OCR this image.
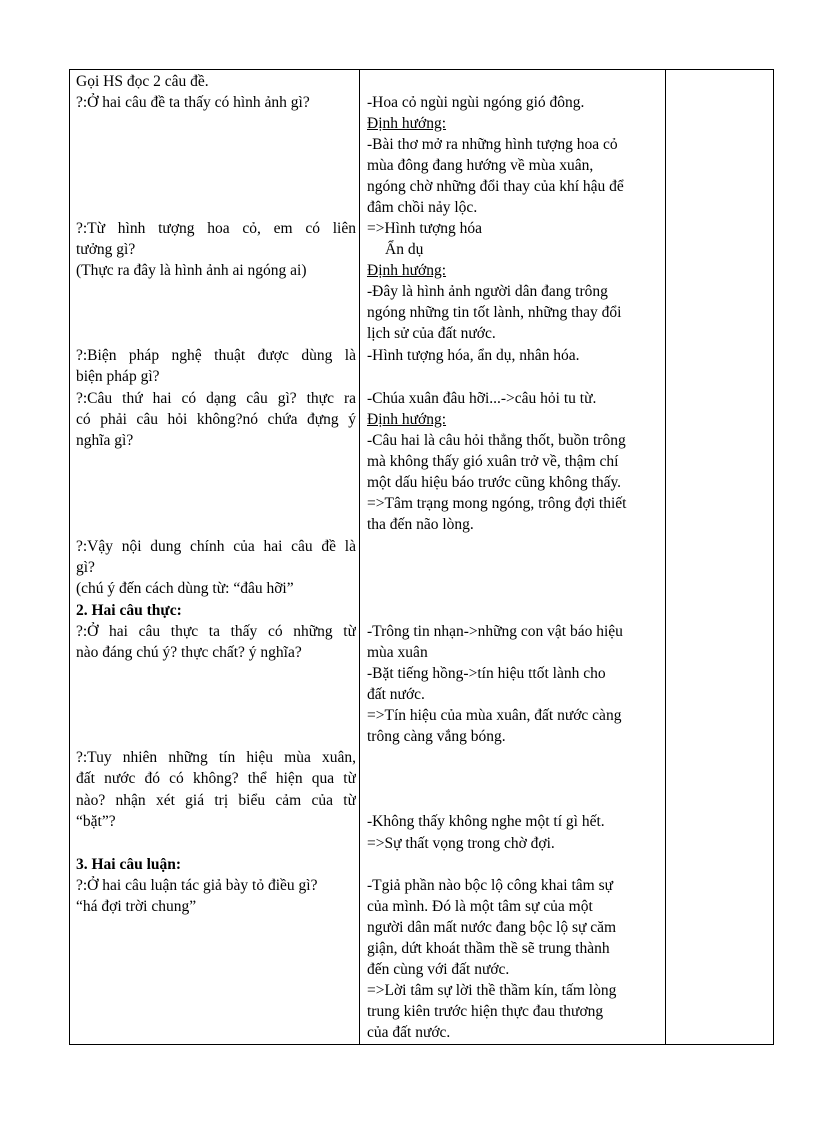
Gọi HS đọc 2 câu đề.
?:Ở hai câu đề ta thấy có hình ảnh gì?
?:Từ hình tượng hoa cỏ, em có liên
tưởng gì?
(Thực ra đây là hình ảnh ai ngóng ai)
?:Biện pháp nghệ thuật được dùng là
biện pháp gì?
?:Câu thứ hai có dạng câu gì? thực ra
có phải câu hỏi không?nó chứa đựng ý
nghĩa gì?
?:Vậy nội dung chính của hai câu đề là
gì?
(chú ý đến cách dùng từ: “đâu hỡi”
2. Hai câu thực:
?:Ở hai câu thực ta thấy có những từ
nào đáng chú ý? thực chất? ý nghĩa?
?:Tuy nhiên những tín hiệu mùa xuân,
đất nước đó có không? thể hiện qua từ
nào? nhận xét giá trị biểu cảm của từ
“bặt”?
3. Hai câu luận:
?:Ở hai câu luận tác giả bày tỏ điều gì?
“há đợi trời chung”
-Hoa cỏ ngùi ngùi ngóng gió đông.
Định hướng:
-Bài thơ mở ra những hình tượng hoa cỏ
mùa đông đang hướng về mùa xuân,
ngóng chờ những đổi thay của khí hậu để
đâm chồi nảy lộc.
=>Hình tượng hóa
Ẩn dụ
Định hướng:
-Đây là hình ảnh người dân đang trông
ngóng những tin tốt lành, những thay đổi
lịch sử của đất nước.
-Hình tượng hóa, ẩn dụ, nhân hóa.
-Chúa xuân đâu hỡi...->câu hỏi tu từ.
Định hướng:
-Câu hai là câu hỏi thẳng thốt, buồn trông
mà không thấy gió xuân trở về, thậm chí
một dấu hiệu báo trước cũng không thấy.
=>Tâm trạng mong ngóng, trông đợi thiết
tha đến não lòng.
-Trông tin nhạn->những con vật báo hiệu
mùa xuân
-Bặt tiếng hồng->tín hiệu ttốt lành cho
đất nước.
=>Tín hiệu của mùa xuân, đất nước càng
trông càng vắng bóng.
-Không thấy không nghe một tí gì hết.
=>Sự thất vọng trong chờ đợi.
-Tgiả phần nào bộc lộ công khai tâm sự
của mình. Đó là một tâm sự của một
người dân mất nước đang bộc lộ sự căm
giận, dứt khoát thầm thề sẽ trung thành
đến cùng với đất nước.
=>Lời tâm sự lời thề thầm kín, tấm lòng
trung kiên trước hiện thực đau thương
của đất nước.
